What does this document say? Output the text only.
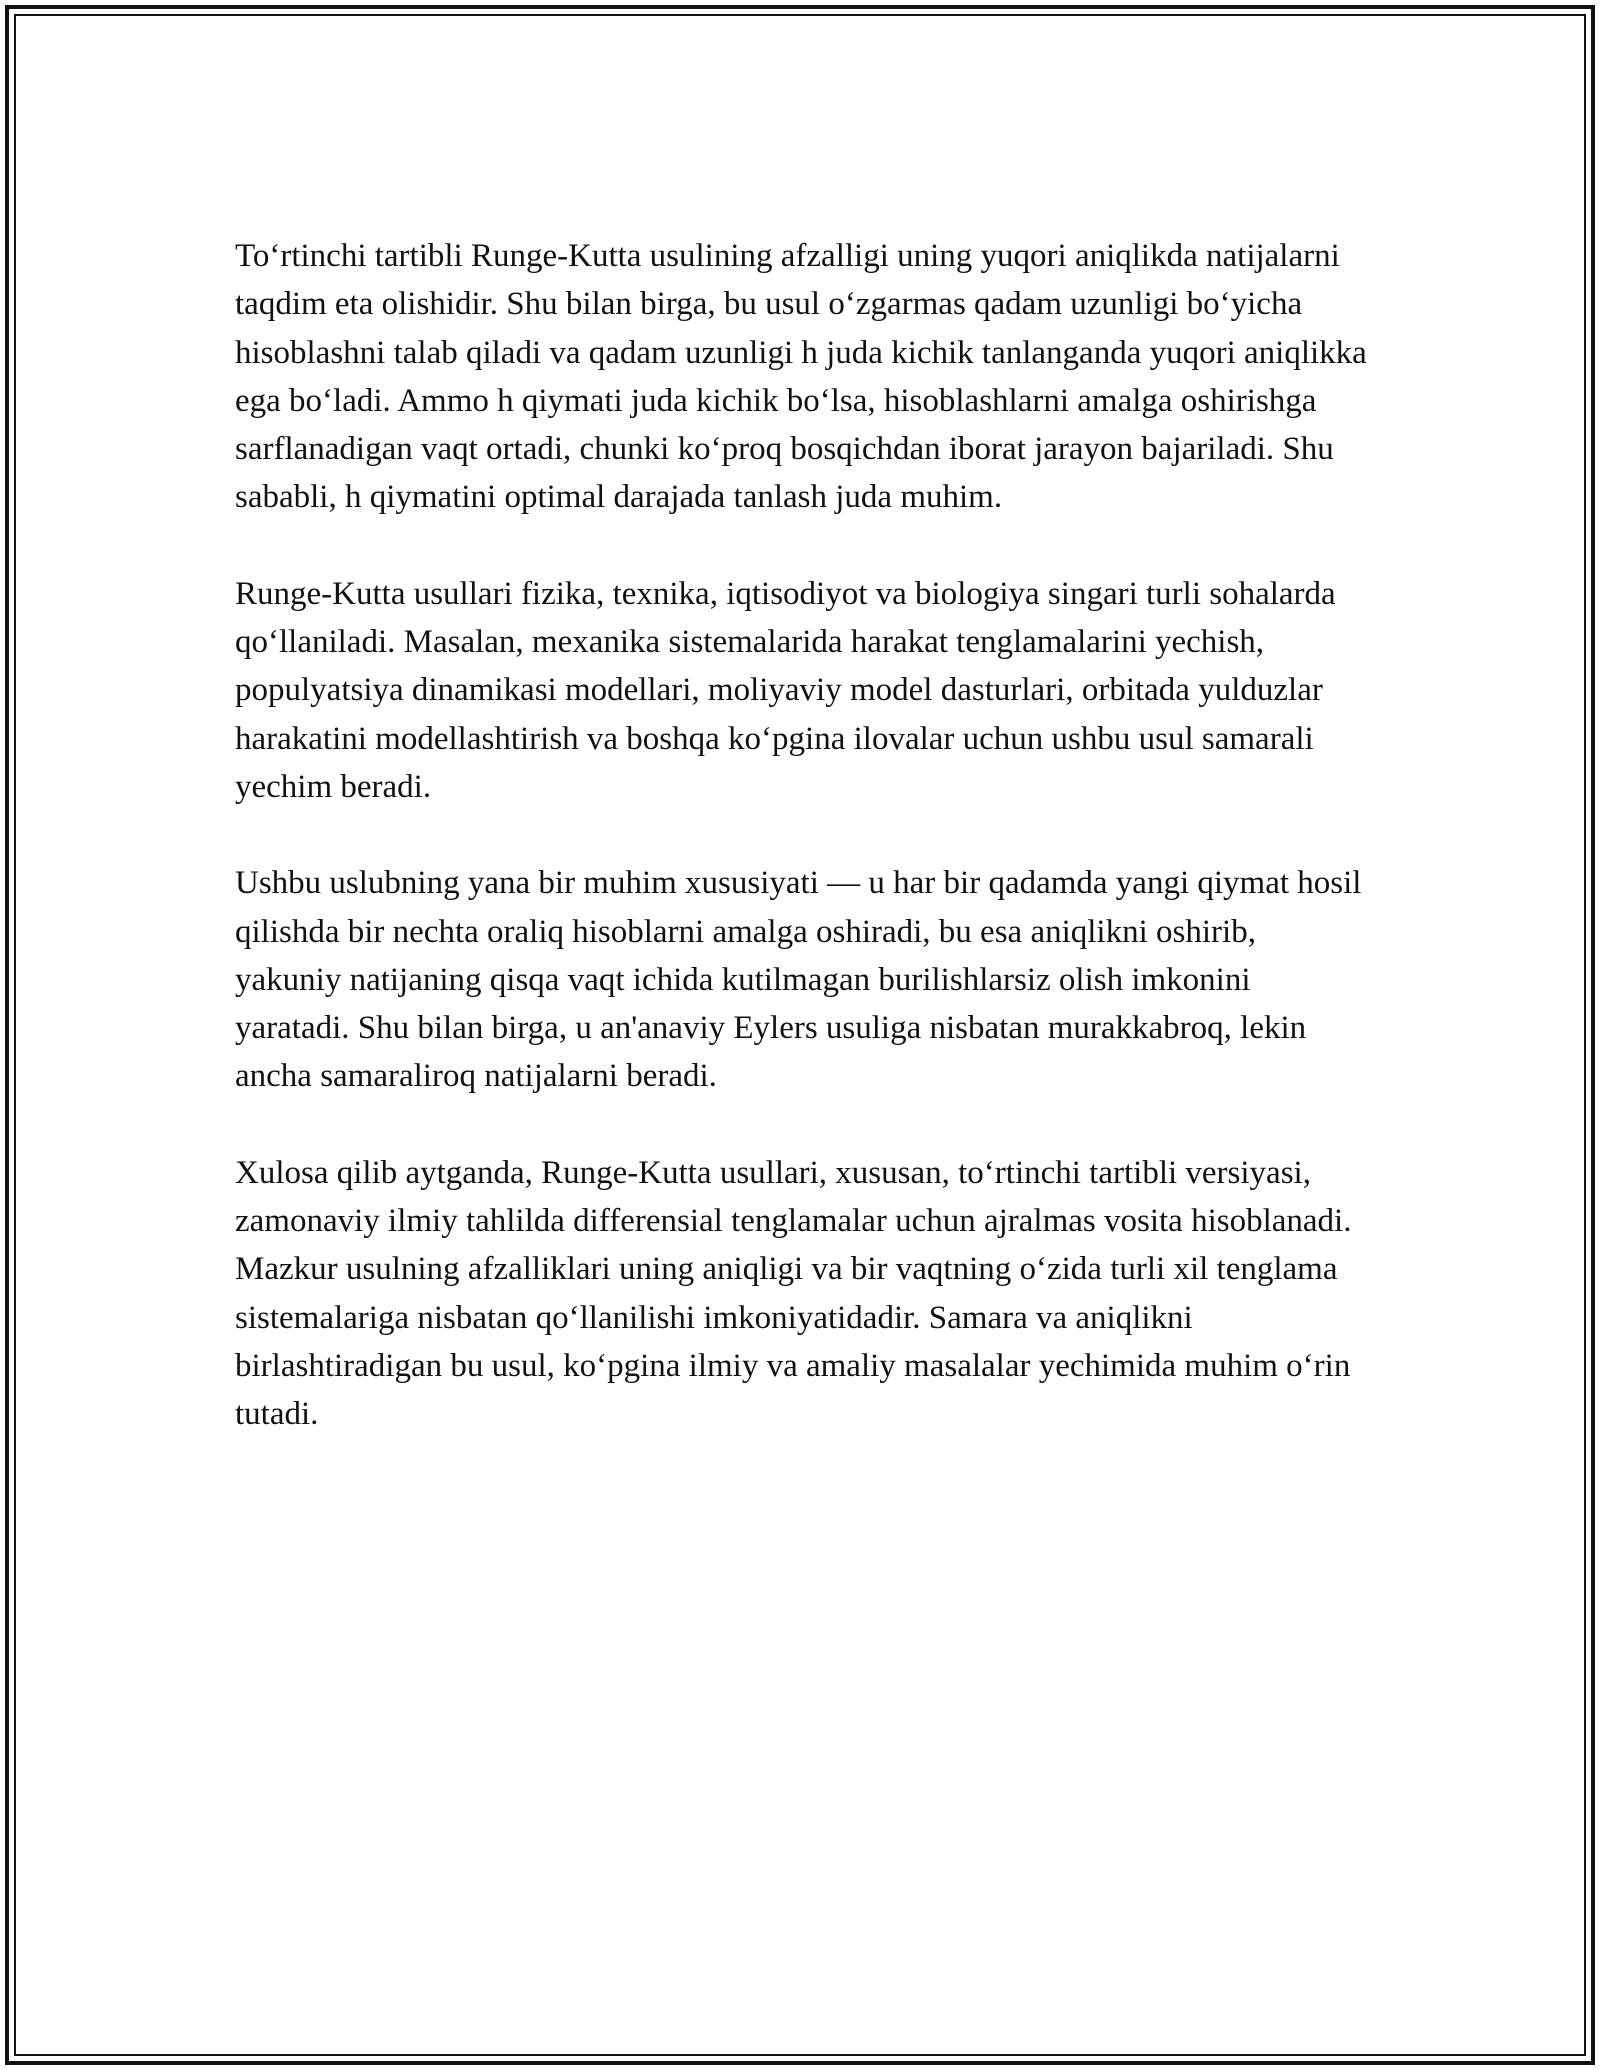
To‘rtinchi tartibli Runge-Kutta usulining afzalligi uning yuqori aniqlikda natijalarni taqdim eta olishidir. Shu bilan birga, bu usul o‘zgarmas qadam uzunligi bo‘yicha hisoblashni talab qiladi va qadam uzunligi h juda kichik tanlanganda yuqori aniqlikka ega bo‘ladi. Ammo h qiymati juda kichik bo‘lsa, hisoblashlarni amalga oshirishga sarflanadigan vaqt ortadi, chunki ko‘proq bosqichdan iborat jarayon bajariladi. Shu sababli, h qiymatini optimal darajada tanlash juda muhim.

Runge-Kutta usullari fizika, texnika, iqtisodiyot va biologiya singari turli sohalarda qo‘llaniladi. Masalan, mexanika sistemalarida harakat tenglamalarini yechish, populyatsiya dinamikasi modellari, moliyaviy model dasturlari, orbitada yulduzlar harakatini modellashtirish va boshqa ko‘pgina ilovalar uchun ushbu usul samarali yechim beradi.

Ushbu uslubning yana bir muhim xususiyati — u har bir qadamda yangi qiymat hosil qilishda bir nechta oraliq hisoblarni amalga oshiradi, bu esa aniqlikni oshirib, yakuniy natijaning qisqa vaqt ichida kutilmagan burilishlarsiz olish imkonini yaratadi. Shu bilan birga, u an'anaviy Eylers usuliga nisbatan murakkabroq, lekin ancha samaraliroq natijalarni beradi.

Xulosa qilib aytganda, Runge-Kutta usullari, xususan, to‘rtinchi tartibli versiyasi, zamonaviy ilmiy tahlilda differensial tenglamalar uchun ajralmas vosita hisoblanadi. Mazkur usulning afzalliklari uning aniqligi va bir vaqtning o‘zida turli xil tenglama sistemalariga nisbatan qo‘llanilishi imkoniyatidadir. Samara va aniqlikni birlashtiradigan bu usul, ko‘pgina ilmiy va amaliy masalalar yechimida muhim o‘rin tutadi.
